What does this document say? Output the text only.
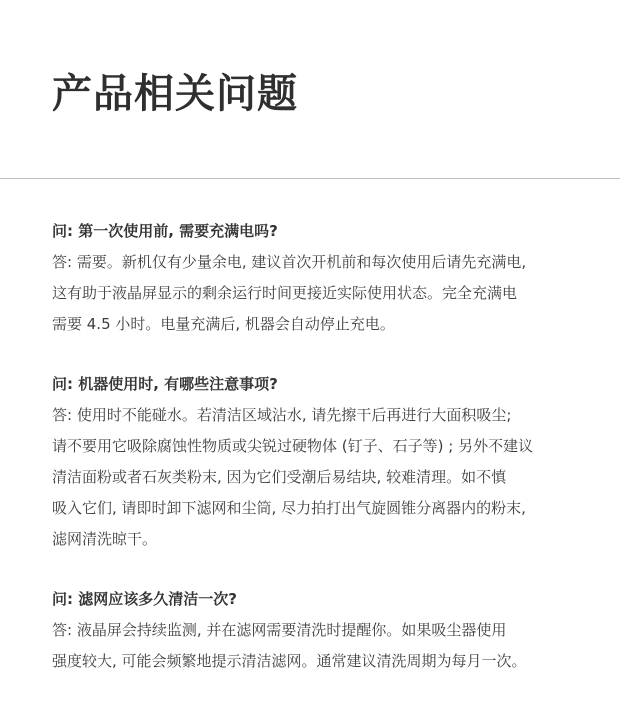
产品相关问题
问: 第一次使用前, 需要充满电吗?
答: 需要。新机仅有少量余电, 建议首次开机前和每次使用后请先充满电,
这有助于液晶屏显示的剩余运行时间更接近实际使用状态。完全充满电
需要 4.5 小时。电量充满后, 机器会自动停止充电。
问: 机器使用时, 有哪些注意事项?
答: 使用时不能碰水。若清洁区域沾水, 请先擦干后再进行大面积吸尘;
请不要用它吸除腐蚀性物质或尖锐过硬物体 (钉子、石子等) ; 另外不建议
清洁面粉或者石灰类粉末, 因为它们受潮后易结块, 较难清理。如不慎
吸入它们, 请即时卸下滤网和尘筒, 尽力拍打出气旋圆锥分离器内的粉末,
滤网清洗晾干。
问: 滤网应该多久清洁一次?
答: 液晶屏会持续监测, 并在滤网需要清洗时提醒你。如果吸尘器使用
强度较大, 可能会频繁地提示清洁滤网。通常建议清洗周期为每月一次。
